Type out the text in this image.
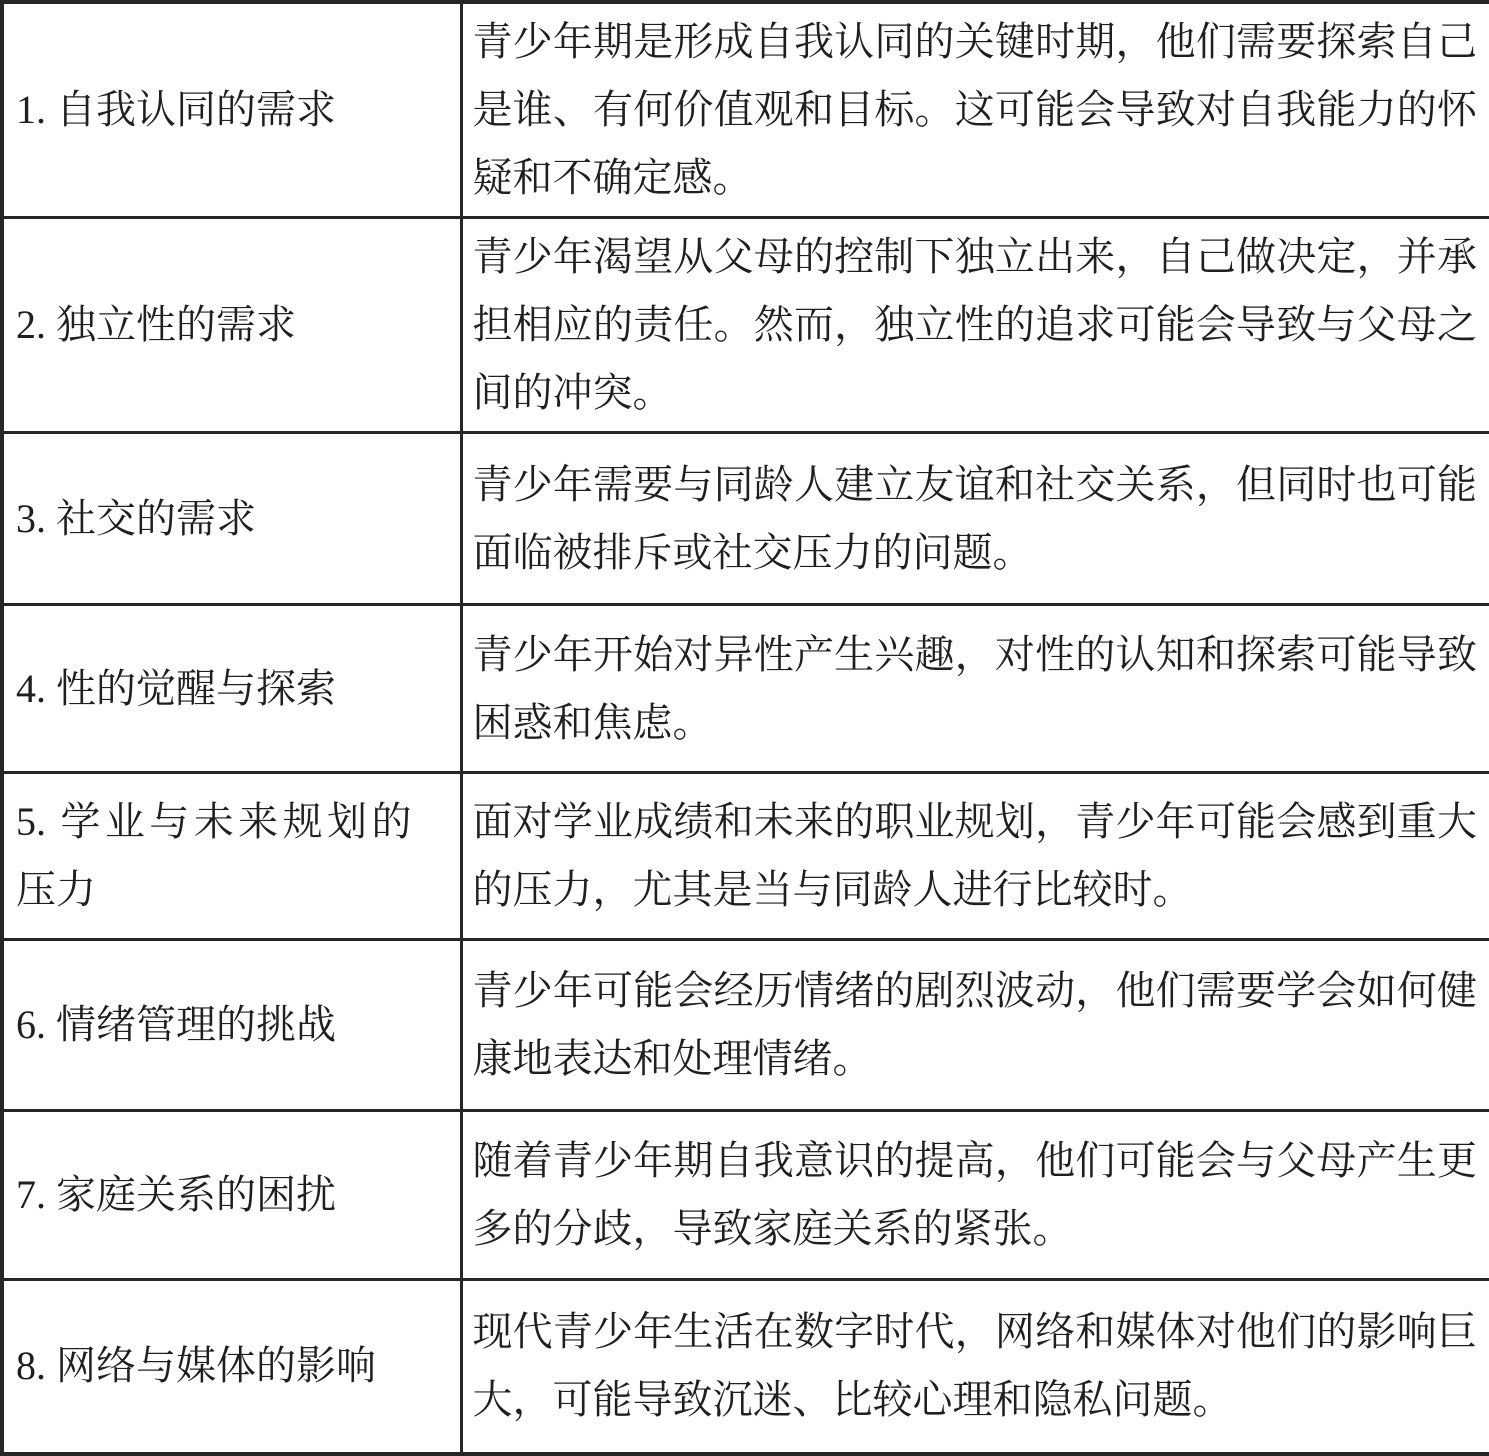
1. 自我认同的需求	青少年期是形成自我认同的关键时期，他们需要探索自己是谁、有何价值观和目标。这可能会导致对自我能力的怀疑和不确定感。
2. 独立性的需求	青少年渴望从父母的控制下独立出来，自己做决定，并承担相应的责任。然而，独立性的追求可能会导致与父母之间的冲突。
3. 社交的需求	青少年需要与同龄人建立友谊和社交关系，但同时也可能面临被排斥或社交压力的问题。
4. 性的觉醒与探索	青少年开始对异性产生兴趣，对性的认知和探索可能导致困惑和焦虑。
5. 学业与未来规划的压力	面对学业成绩和未来的职业规划，青少年可能会感到重大的压力，尤其是当与同龄人进行比较时。
6. 情绪管理的挑战	青少年可能会经历情绪的剧烈波动，他们需要学会如何健康地表达和处理情绪。
7. 家庭关系的困扰	随着青少年期自我意识的提高，他们可能会与父母产生更多的分歧，导致家庭关系的紧张。
8. 网络与媒体的影响	现代青少年生活在数字时代，网络和媒体对他们的影响巨大，可能导致沉迷、比较心理和隐私问题。
